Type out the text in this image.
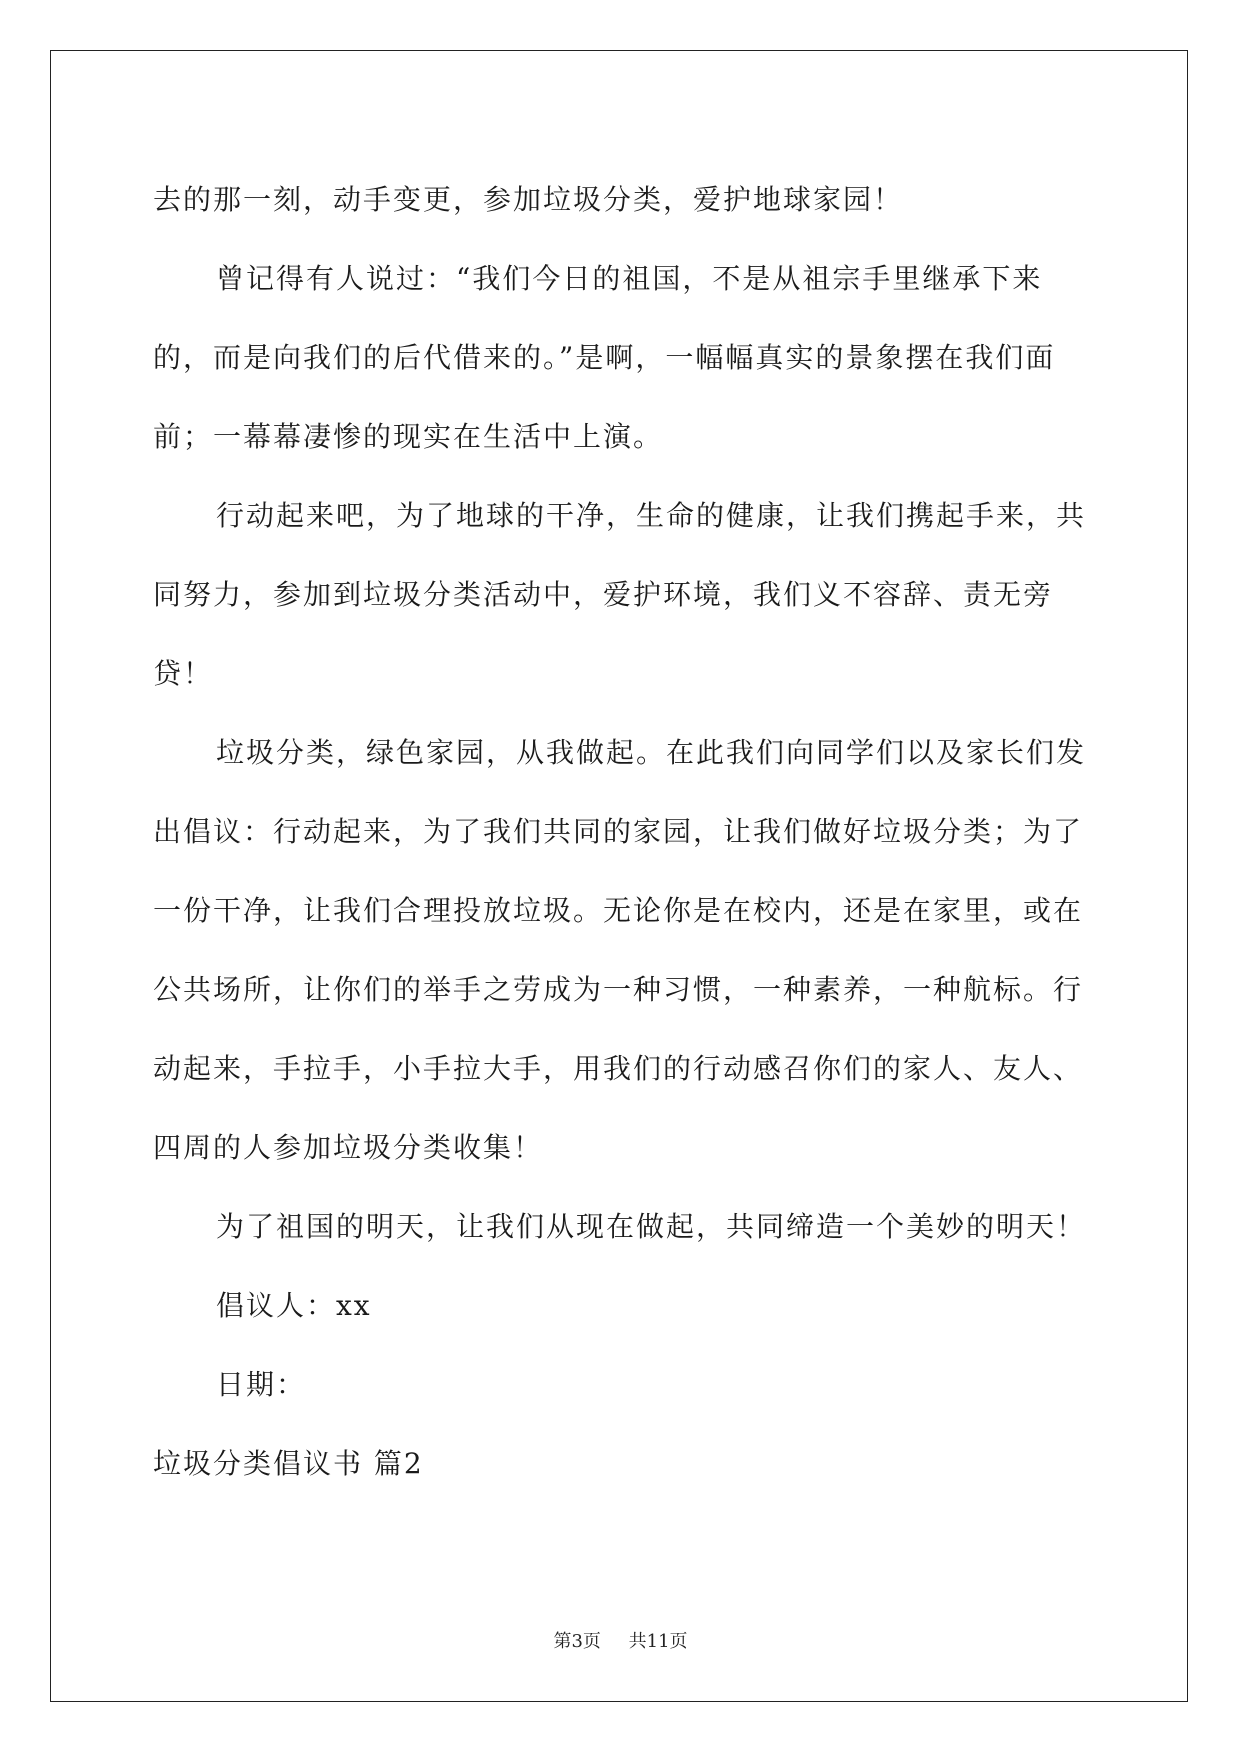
去的那一刻，动手变更，参加垃圾分类，爱护地球家园！

曾记得有人说过：“我们今日的祖国，不是从祖宗手里继承下来的，而是向我们的后代借来的。”是啊，一幅幅真实的景象摆在我们面前；一幕幕凄惨的现实在生活中上演。

行动起来吧，为了地球的干净，生命的健康，让我们携起手来，共同努力，参加到垃圾分类活动中，爱护环境，我们义不容辞、责无旁贷！

垃圾分类，绿色家园，从我做起。在此我们向同学们以及家长们发出倡议：行动起来，为了我们共同的家园，让我们做好垃圾分类；为了一份干净，让我们合理投放垃圾。无论你是在校内，还是在家里，或在公共场所，让你们的举手之劳成为一种习惯，一种素养，一种航标。行动起来，手拉手，小手拉大手，用我们的行动感召你们的家人、友人、四周的人参加垃圾分类收集！

为了祖国的明天，让我们从现在做起，共同缔造一个美妙的明天！

倡议人：xx

日期：

垃圾分类倡议书 篇2

第3页 共11页
